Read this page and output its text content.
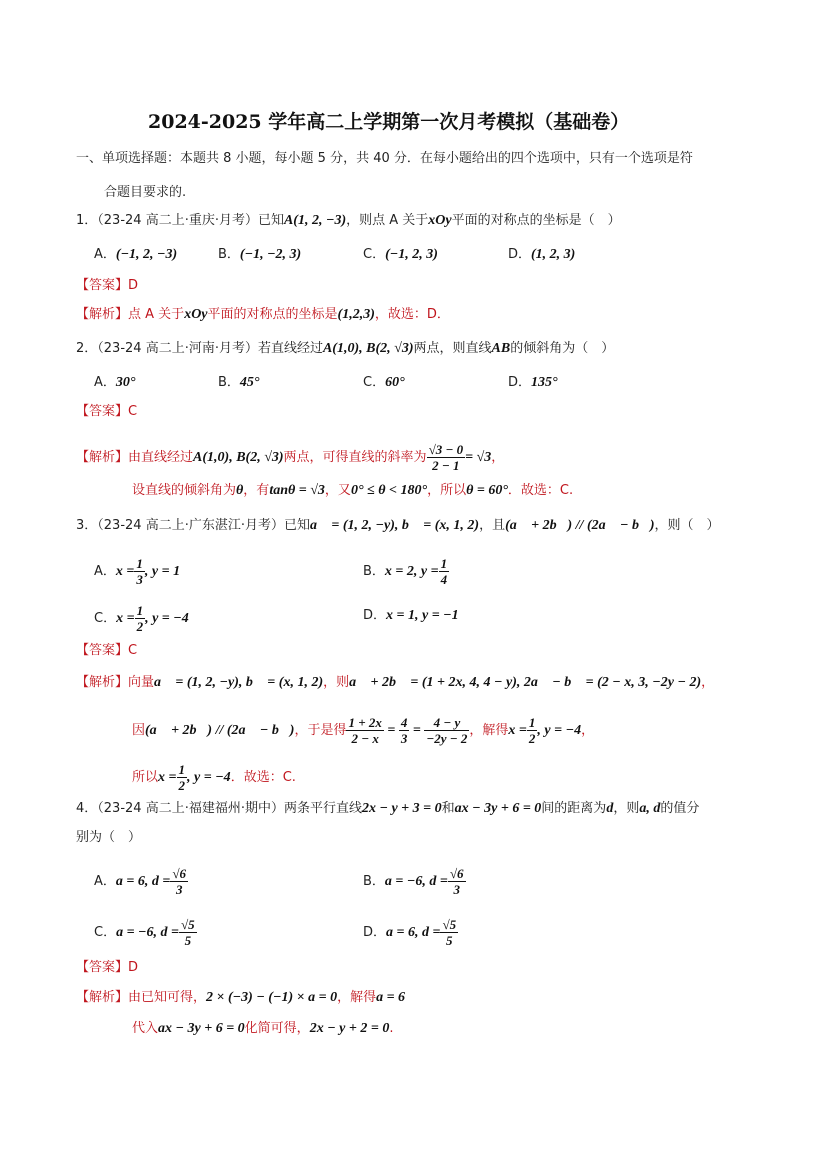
2024-2025 学年高二上学期第一次月考模拟（基础卷）
一、单项选择题：本题共 8 小题，每小题 5 分，共 40 分．在每小题给出的四个选项中，只有一个选项是符
合题目要求的.
1．（23-24 高二上·重庆·月考）已知A(1, 2, −3)，则点 A 关于xOy平面的对称点的坐标是（　）
A．(−1, 2, −3)	B．(−1, −2, 3)	C．(−1, 2, 3)	D．(1, 2, 3)
【答案】D
【解析】点 A 关于xOy平面的对称点的坐标是(1,2,3)，故选：D．
2．（23-24 高二上·河南·月考）若直线经过A(1,0), B(2, √3)两点，则直线AB的倾斜角为（　）
A．30°	B．45°	C．60°	D．135°
【答案】C
【解析】由直线经过A(1,0), B(2, √3)两点，可得直线的斜率为 $\frac{√3 - 0}{2 - 1} = √3$，
设直线的倾斜角为θ，有tanθ = √3，又0° ≤ θ < 180°，所以θ = 60°．故选：C.
3．（23-24 高二上·广东湛江·月考）已知a⃗ = (1, 2, −y), b⃗ = (x, 1, 2)，且(a⃗ + 2b⃗) // (2a⃗ − b⃗)，则（　）
A．$x = \frac{1}{3}$ , y = 1	B．x = 2, $y = \frac{1}{4}$
C．$x = \frac{1}{2}$ , y = −4	D．x = 1, y = −1
【答案】C
【解析】向量a⃗ = (1, 2, −y), b⃗ = (x, 1, 2)，则a⃗ + 2b⃗ = (1 + 2x, 4, 4 − y), 2a⃗ − b⃗ = (2 − x, 3, −2y − 2)，
因(a⃗ + 2b⃗) // (2a⃗ − b⃗)，于是得 $\frac{1 + 2x}{2 - x} = \frac{4}{3} = \frac{4 - y}{-2y - 2}$ ，解得$x = \frac{1}{2}$ , y = −4，
所以$x = \frac{1}{2}$ , y = −4．故选：C.
4．（23-24 高二上·福建福州·期中）两条平行直线2x − y + 3 = 0和ax − 3y + 6 = 0间的距离为d，则a, d的值分
别为（　）
A．a = 6, $d = \frac{√6}{3}$	B．a = −6, $d = \frac{√6}{3}$
C．a = −6, $d = \frac{√5}{5}$	D．a = 6, $d = \frac{√5}{5}$
【答案】D
【解析】由已知可得，2 × (−3) − (−1) × a = 0，解得a = 6
代入ax − 3y + 6 = 0化简可得，2x − y + 2 = 0.
